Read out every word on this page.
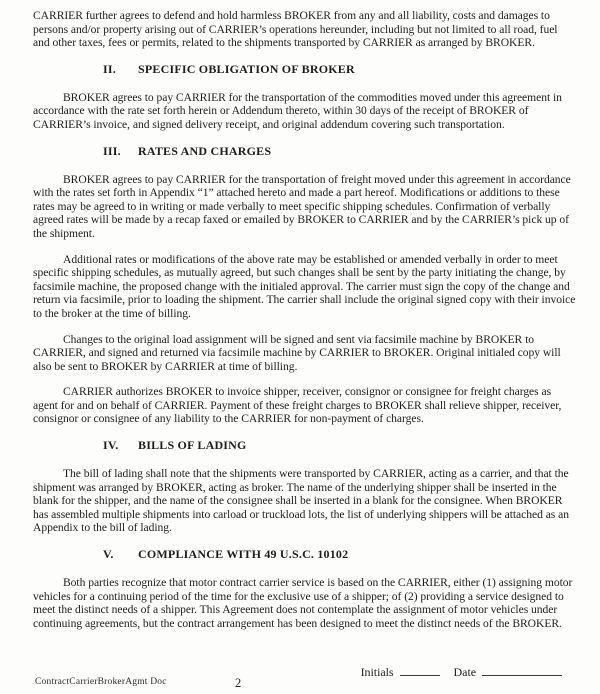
CARRIER further agrees to defend and hold harmless BROKER from any and all liability, costs and damages to persons and/or property arising out of CARRIER’s operations hereunder, including but not limited to all road, fuel and other taxes, fees or permits, related to the shipments transported by CARRIER as arranged by BROKER.

II. SPECIFIC OBLIGATION OF BROKER

BROKER agrees to pay CARRIER for the transportation of the commodities moved under this agreement in accordance with the rate set forth herein or Addendum thereto, within 30 days of the receipt of BROKER of CARRIER’s invoice, and signed delivery receipt, and original addendum covering such transportation.

III. RATES AND CHARGES

BROKER agrees to pay CARRIER for the transportation of freight moved under this agreement in accordance with the rates set forth in Appendix “1” attached hereto and made a part hereof. Modifications or additions to these rates may be agreed to in writing or made verbally to meet specific shipping schedules. Confirmation of verbally agreed rates will be made by a recap faxed or emailed by BROKER to CARRIER and by the CARRIER’s pick up of the shipment.

Additional rates or modifications of the above rate may be established or amended verbally in order to meet specific shipping schedules, as mutually agreed, but such changes shall be sent by the party initiating the change, by facsimile machine, the proposed change with the initialed approval. The carrier must sign the copy of the change and return via facsimile, prior to loading the shipment. The carrier shall include the original signed copy with their invoice to the broker at the time of billing.

Changes to the original load assignment will be signed and sent via facsimile machine by BROKER to CARRIER, and signed and returned via facsimile machine by CARRIER to BROKER. Original initialed copy will also be sent to BROKER by CARRIER at time of billing.

CARRIER authorizes BROKER to invoice shipper, receiver, consignor or consignee for freight charges as agent for and on behalf of CARRIER. Payment of these freight charges to BROKER shall relieve shipper, receiver, consignor or consignee of any liability to the CARRIER for non-payment of charges.

IV. BILLS OF LADING

The bill of lading shall note that the shipments were transported by CARRIER, acting as a carrier, and that the shipment was arranged by BROKER, acting as broker. The name of the underlying shipper shall be inserted in the blank for the shipper, and the name of the consignee shall be inserted in a blank for the consignee. When BROKER has assembled multiple shipments into carload or truckload lots, the list of underlying shippers will be attached as an Appendix to the bill of lading.

V. COMPLIANCE WITH 49 U.S.C. 10102

Both parties recognize that motor contract carrier service is based on the CARRIER, either (1) assigning motor vehicles for a continuing period of the time for the exclusive use of a shipper; of (2) providing a service designed to meet the distinct needs of a shipper. This Agreement does not contemplate the assignment of motor vehicles under continuing agreements, but the contract arrangement has been designed to meet the distinct needs of the BROKER.

Initials	Date
ContractCarrierBrokerAgmt Doc	2
